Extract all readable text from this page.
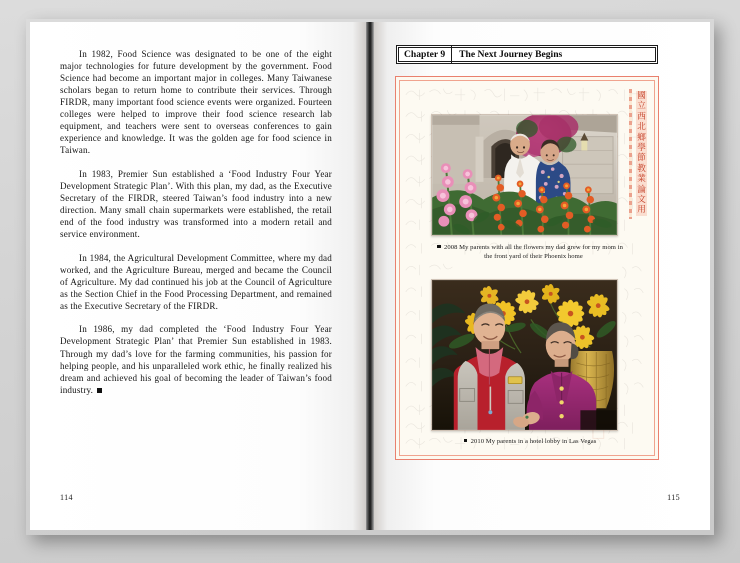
In 1982, Food Science was designated to be one of the eight major technologies for future development by the government. Food Science had become an important major in colleges. Many Taiwanese scholars began to return home to contribute their services. Through FIRDR, many important food science events were organized. Fourteen colleges were helped to improve their food science research lab equipment, and teachers were sent to overseas conferences to gain experience and knowledge. It was the golden age for food science in Taiwan.

In 1983, Premier Sun established a ‘Food Industry Four Year Development Strategic Plan’. With this plan, my dad, as the Executive Secretary of the FIRDR, steered Taiwan’s food industry into a new direction. Many small chain supermarkets were established, the retail end of the food industry was transformed into a modern retail and service environment.

In 1984, the Agricultural Development Committee, where my dad worked, and the Agriculture Bureau, merged and became the Council of Agriculture. My dad continued his job at the Council of Agriculture as the Section Chief in the Food Processing Department, and remained as the Executive Secretary of the FIRDR.

In 1986, my dad completed the ‘Food Industry Four Year Development Strategic Plan’ that Premier Sun established in 1983. Through my dad’s love for the farming communities, his passion for helping people, and his unparalleled work ethic, he finally realized his dream and achieved his goal of becoming the leader of Taiwan’s food industry.

114
Chapter 9	The Next Journey Begins
國
立
西
北
鄉
學
節
教
業
論
文
用
2008 My parents with all the flowers my dad grew for my mom in the front yard of their Phoenix home
2010 My parents in a hotel lobby in Las Vegas
115
